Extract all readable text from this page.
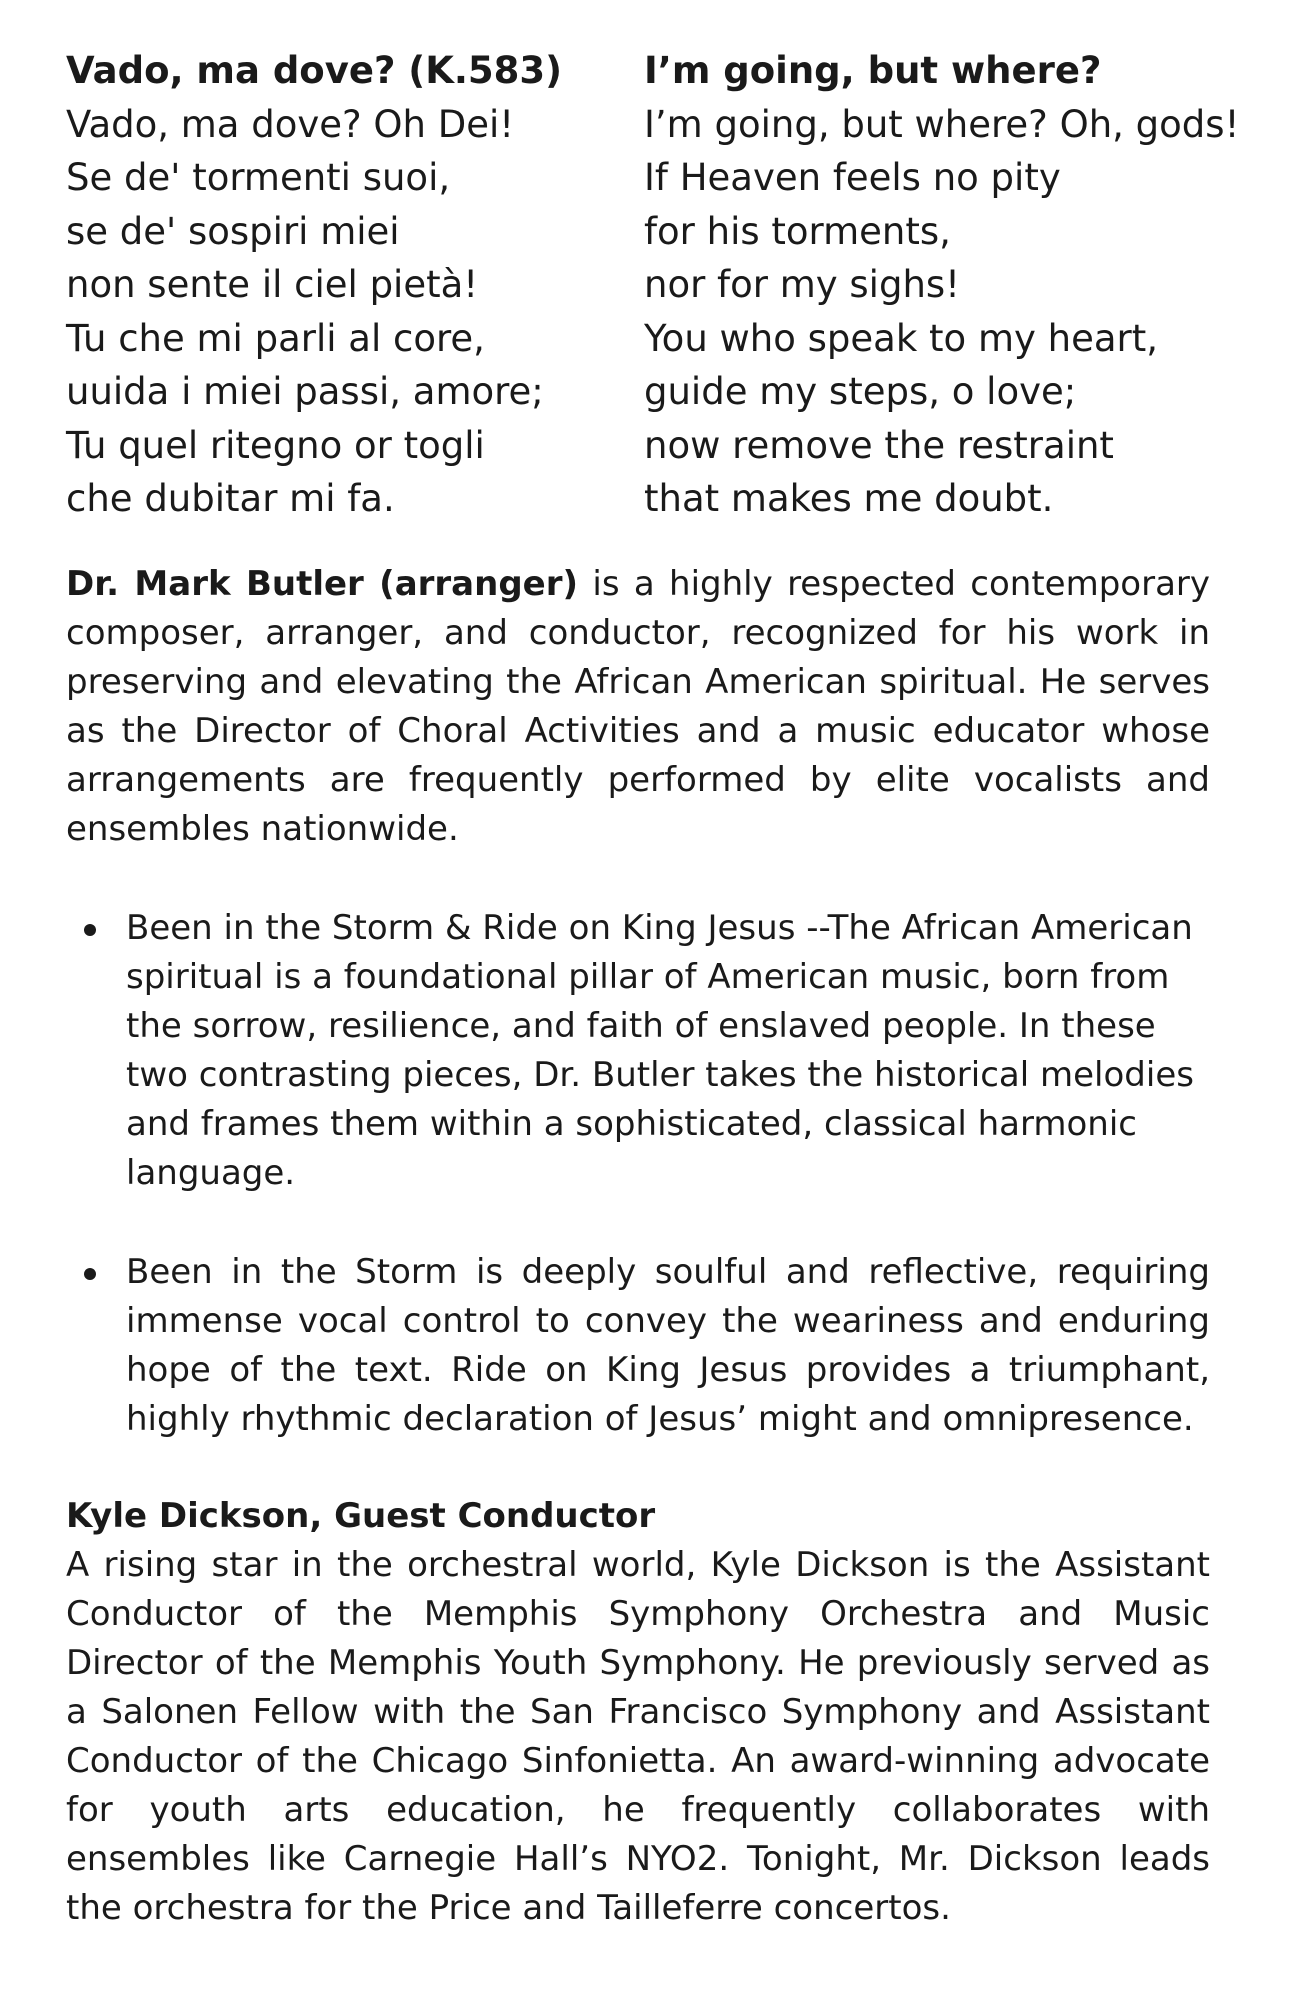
Vado, ma dove? (K.583)
Vado, ma dove? Oh Dei!
Se de' tormenti suoi,
se de' sospiri miei
non sente il ciel pietà!
Tu che mi parli al core,
uuida i miei passi, amore;
Tu quel ritegno or togli
che dubitar mi fa.
I’m going, but where?
I’m going, but where? Oh, gods!
If Heaven feels no pity
for his torments,
nor for my sighs!
You who speak to my heart,
guide my steps, o love;
now remove the restraint
that makes me doubt.

Dr. Mark Butler (arranger) is a highly respected contemporary composer, arranger, and conductor, recognized for his work in preserving and elevating the African American spiritual. He serves as the Director of Choral Activities and a music educator whose arrangements are frequently performed by elite vocalists and ensembles nationwide.

Been in the Storm & Ride on King Jesus --The African American spiritual is a foundational pillar of American music, born from the sorrow, resilience, and faith of enslaved people. In these two contrasting pieces, Dr. Butler takes the historical melodies and frames them within a sophisticated, classical harmonic language.
Been in the Storm is deeply soulful and reflective, requiring immense vocal control to convey the weariness and enduring hope of the text. Ride on King Jesus provides a triumphant, highly rhythmic declaration of Jesus’ might and omnipresence.
Kyle Dickson, Guest Conductor

A rising star in the orchestral world, Kyle Dickson is the Assistant Conductor of the Memphis Symphony Orchestra and Music Director of the Memphis Youth Symphony. He previously served as a Salonen Fellow with the San Francisco Symphony and Assistant Conductor of the Chicago Sinfonietta. An award-winning advocate for youth arts education, he frequently collaborates with ensembles like Carnegie Hall’s NYO2. Tonight, Mr. Dickson leads the orchestra for the Price and Tailleferre concertos.
